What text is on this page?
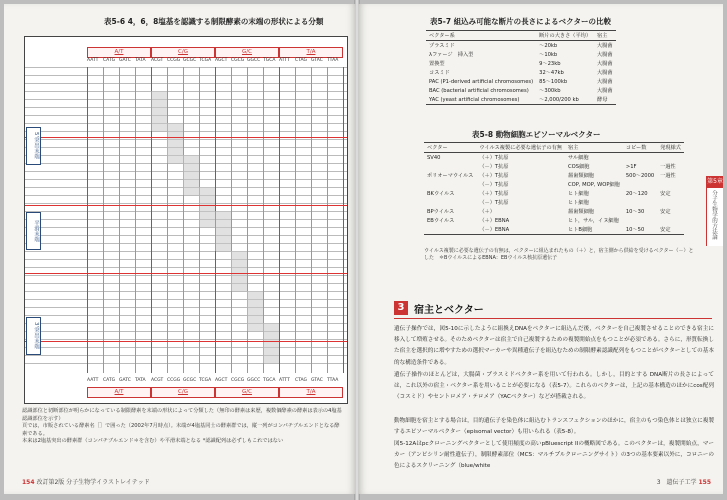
表5-6 4，6，8塩基を認識する制限酵素の末端の形状による分類
A/T	C/G	G/C	T/A
AATT CATG GATC TATA ACGT CCGG GCGC TCGA AGCT CGCG GGCC TGCA ATTT CTAG GTAC TTAA
5'突出末端
平滑末端
3'突出末端
AATT CATG GATC TATA ACGT CCGG GCGC TCGA AGCT CGCG GGCC TGCA ATTT CTAG GTAC TTAA
A/T	C/G	G/C	T/A
認識部位と切断部位が明らかになっている制限酵素を末端の形状によって分類した（無印の酵素は来歴，複数個酵素の酵素は表示の4塩基認識部位を示す）
頁では，市販されている酵素名［］で囲った（2002年7月時点）。末端が4塩基同士の酵素群では，縦一列がコンパチブルエンドとなる酵素である。
本来は2塩基突出の酵素群（コンパチブルエンド＊を含む）や平滑末端となる *認識配列は必ずしもこれではない
154 改訂第2版 分子生物学イラストレイテッド
表5-7 組込み可能な断片の長さによるベクターの比較
ベクター系	断片の大きさ（平均）	宿主
プラスミド	～20kb	大腸菌
λファージ　挿入型	～10kb	大腸菌
置換型	9～23kb	大腸菌
コスミド	32～47kb	大腸菌
PAC (P1-derived artificial chromosomes)	85～100kb	大腸菌
BAC (bacterial artificial chromosomes)	～300kb	大腸菌
YAC (yeast artificial chromosomes)	～2,000/200 kb	酵母
表5-8 動物細胞エピソーマルベクター
ベクター	ウイルス複製に必要な遺伝子の有無	宿主	コピー数	発現様式
SV40	（＋）T抗原	サル細胞		
	（－）T抗原	COS細胞	>1F	一過性
ポリオーマウイルス	（＋）T抗原	齧歯類細胞	500～2000	一過性
	（－）T抗原	COP, MOP, WOP細胞		
BKウイルス	（＋）T抗原	ヒト細胞	20～120	安定
	（－）T抗原	ヒト細胞		
BPウイルス	（＋）	齧歯類細胞	10～30	安定
EBウイルス	（＋）EBNA	ヒト，サル，イヌ細胞		
	（－）EBNA	ヒトB細胞	10～50	安定
ウイルス複製に必要な遺伝子の有無は，ベクターに組込まれたもの（＋）と，宿主側から供給を受けるベクター（－）とした　＊BウイルスによるEBNA：EBウイルス核抗原遺伝子
3 宿主とベクター
遺伝子操作では，図5-10に示したように組換えDNAをベクターに組込んだ後，ベクターを自己複製させることのできる宿主に移入して増殖させる。そのためベクターは宿主で自己複製するための複製開始点をもつことが必須である。さらに，形質転換した宿主を選択的に増やすための選択マーカーや異種遺伝子を組込むための制限酵素認識配列をもつことがベクターとしての基本的な構造条件である。
遺伝子操作のほとんどは，大腸菌・プラスミドベクター系を用いて行われる。しかし，目的とする DNA断片の長さによっては，これ以外の宿主・ベクター系を用いることが必要になる（表5-7）。これらのベクターは，上記の基本構造のほかにcos配列（コスミド）やセントロメア・テロメア（YACベクター）などが搭載される。
動物細胞を宿主とする場合は，目的遺伝子を染色体に組込むトランスフェクションのほかに，宿主のもつ染色体とは独立に複製するエピソーマルベクター（episomal vector）も用いられる（表5-8）。
図5-12Aはpcクローニングベクターとして使用頻度の高いpBluescript IIの概略図である。このベクターは，複製開始点，マーカー（アンピシリン耐性遺伝子），制限酵素部位（MCS：マルチプルクローニングサイト）の3つの基本要素以外に，コロニーの色によるスクリーニング（blue/white
第5章
分子生物学的方法論
3　遺伝子工学 155
